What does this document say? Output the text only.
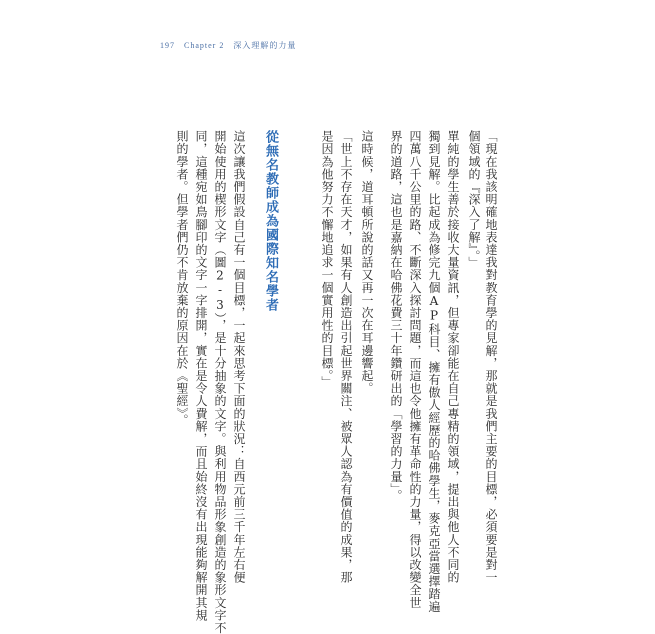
197 Chapter 2 深入理解的力量
「現在我該明確地表達我對教育學的見解，那就是我們主要的目標，必須要是對一
個領域的『深入了解』。」
單純的學生善於接收大量資訊，但專家卻能在自己專精的領域，提出與他人不同的
獨到見解。比起成為修完九個AP科目、擁有傲人經歷的哈佛學生，麥克亞當選擇踏遍
四萬八千公里的路、不斷深入探討問題，而這也令他擁有革命性的力量，得以改變全世
界的道路，這也是嘉納在哈佛花費三十年鑽研出的「學習的力量」。
這時候，道耳頓所說的話又再一次在耳邊響起。
「世上不存在天才，如果有人創造出引起世界關注、被眾人認為有價值的成果，那
是因為他努力不懈地追求一個實用性的目標。」
從無名教師成為國際知名學者
這次讓我們假設自己有一個目標，一起來思考下面的狀況：自西元前三千年左右便
開始使用的楔形文字（圖2-3），是十分抽象的文字。與利用物品形象創造的象形文字不
同，這種宛如鳥腳印的文字一字排開，實在是令人費解，而且始終沒有出現能夠解開其規
則的學者。但學者們仍不肯放棄的原因在於《聖經》。
